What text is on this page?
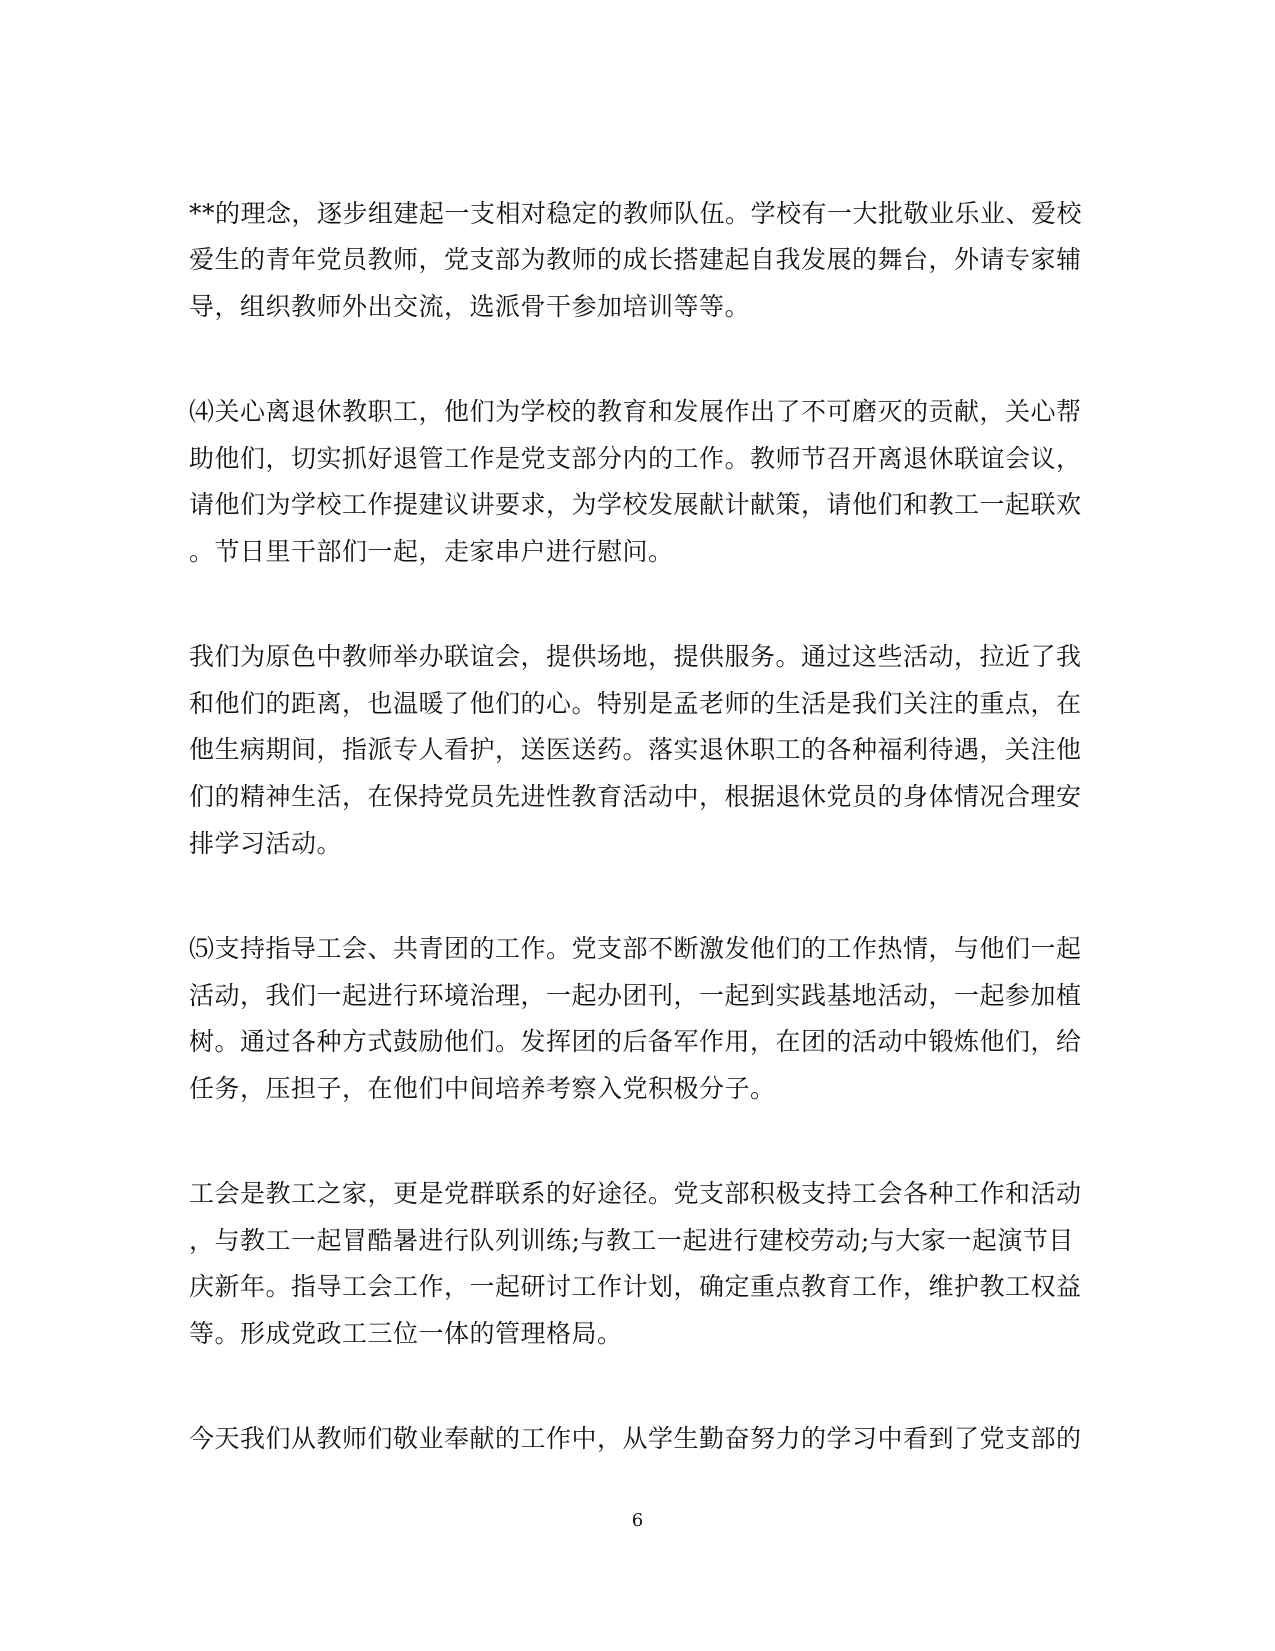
**的理念，逐步组建起一支相对稳定的教师队伍。学校有一大批敬业乐业、爱校
爱生的青年党员教师，党支部为教师的成长搭建起自我发展的舞台，外请专家辅
导，组织教师外出交流，选派骨干参加培训等等。
⑷关心离退休教职工，他们为学校的教育和发展作出了不可磨灭的贡献，关心帮
助他们，切实抓好退管工作是党支部分内的工作。教师节召开离退休联谊会议，
请他们为学校工作提建议讲要求，为学校发展献计献策，请他们和教工一起联欢
。节日里干部们一起，走家串户进行慰问。
我们为原色中教师举办联谊会，提供场地，提供服务。通过这些活动，拉近了我
和他们的距离，也温暖了他们的心。特别是孟老师的生活是我们关注的重点，在
他生病期间，指派专人看护，送医送药。落实退休职工的各种福利待遇，关注他
们的精神生活，在保持党员先进性教育活动中，根据退休党员的身体情况合理安
排学习活动。
⑸支持指导工会、共青团的工作。党支部不断激发他们的工作热情，与他们一起
活动，我们一起进行环境治理，一起办团刊，一起到实践基地活动，一起参加植
树。通过各种方式鼓励他们。发挥团的后备军作用，在团的活动中锻炼他们，给
任务，压担子，在他们中间培养考察入党积极分子。
工会是教工之家，更是党群联系的好途径。党支部积极支持工会各种工作和活动
，与教工一起冒酷暑进行队列训练;与教工一起进行建校劳动;与大家一起演节目
庆新年。指导工会工作，一起研讨工作计划，确定重点教育工作，维护教工权益
等。形成党政工三位一体的管理格局。
今天我们从教师们敬业奉献的工作中，从学生勤奋努力的学习中看到了党支部的
6
